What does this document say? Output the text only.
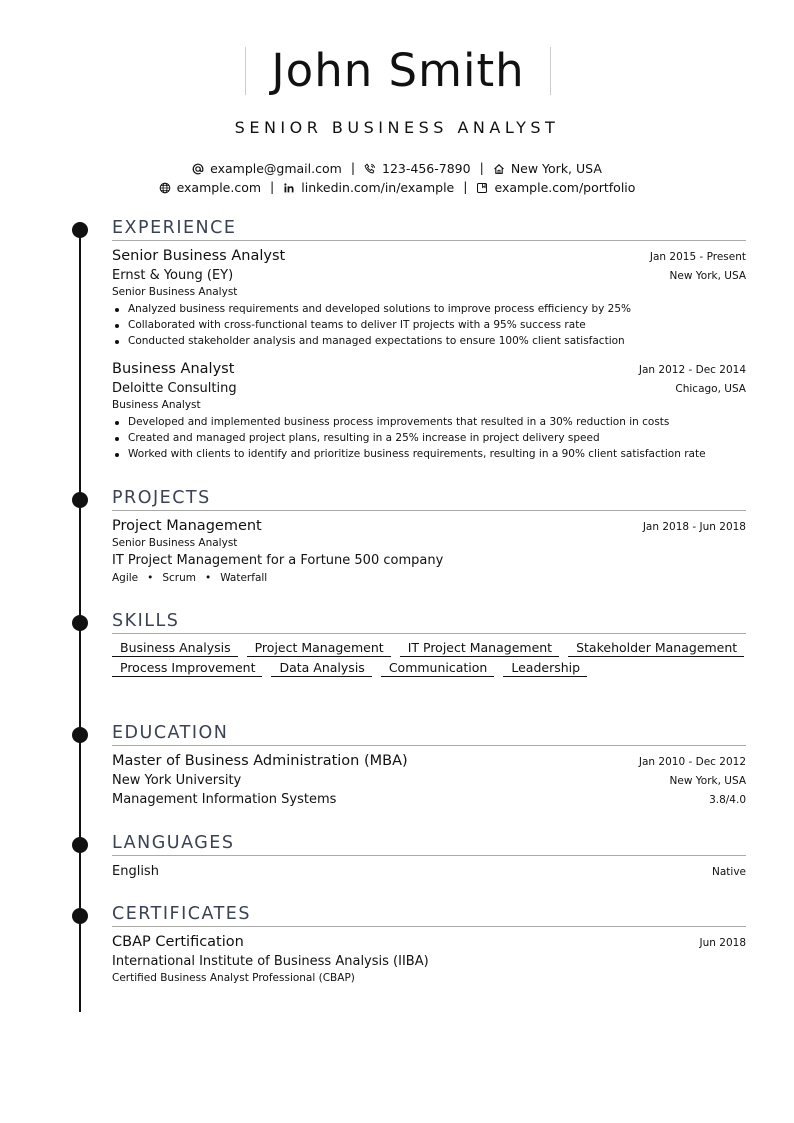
John Smith
SENIOR BUSINESS ANALYST
example@gmail.com | 123-456-7890 | New York, USA
example.com | linkedin.com/in/example | example.com/portfolio
EXPERIENCE
Senior Business Analyst	Jan 2015 - Present
Ernst & Young (EY)	New York, USA
Senior Business Analyst
Analyzed business requirements and developed solutions to improve process efficiency by 25%
Collaborated with cross-functional teams to deliver IT projects with a 95% success rate
Conducted stakeholder analysis and managed expectations to ensure 100% client satisfaction
Business Analyst	Jan 2012 - Dec 2014
Deloitte Consulting	Chicago, USA
Business Analyst
Developed and implemented business process improvements that resulted in a 30% reduction in costs
Created and managed project plans, resulting in a 25% increase in project delivery speed
Worked with clients to identify and prioritize business requirements, resulting in a 90% client satisfaction rate
PROJECTS
Project Management	Jan 2018 - Jun 2018
Senior Business Analyst
IT Project Management for a Fortune 500 company
Agile • Scrum • Waterfall
SKILLS
Business Analysis	Project Management	IT Project Management	Stakeholder Management
Process Improvement	Data Analysis	Communication	Leadership
EDUCATION
Master of Business Administration (MBA)	Jan 2010 - Dec 2012
New York University	New York, USA
Management Information Systems	3.8/4.0
LANGUAGES
English	Native
CERTIFICATES
CBAP Certification	Jun 2018
International Institute of Business Analysis (IIBA)
Certified Business Analyst Professional (CBAP)
